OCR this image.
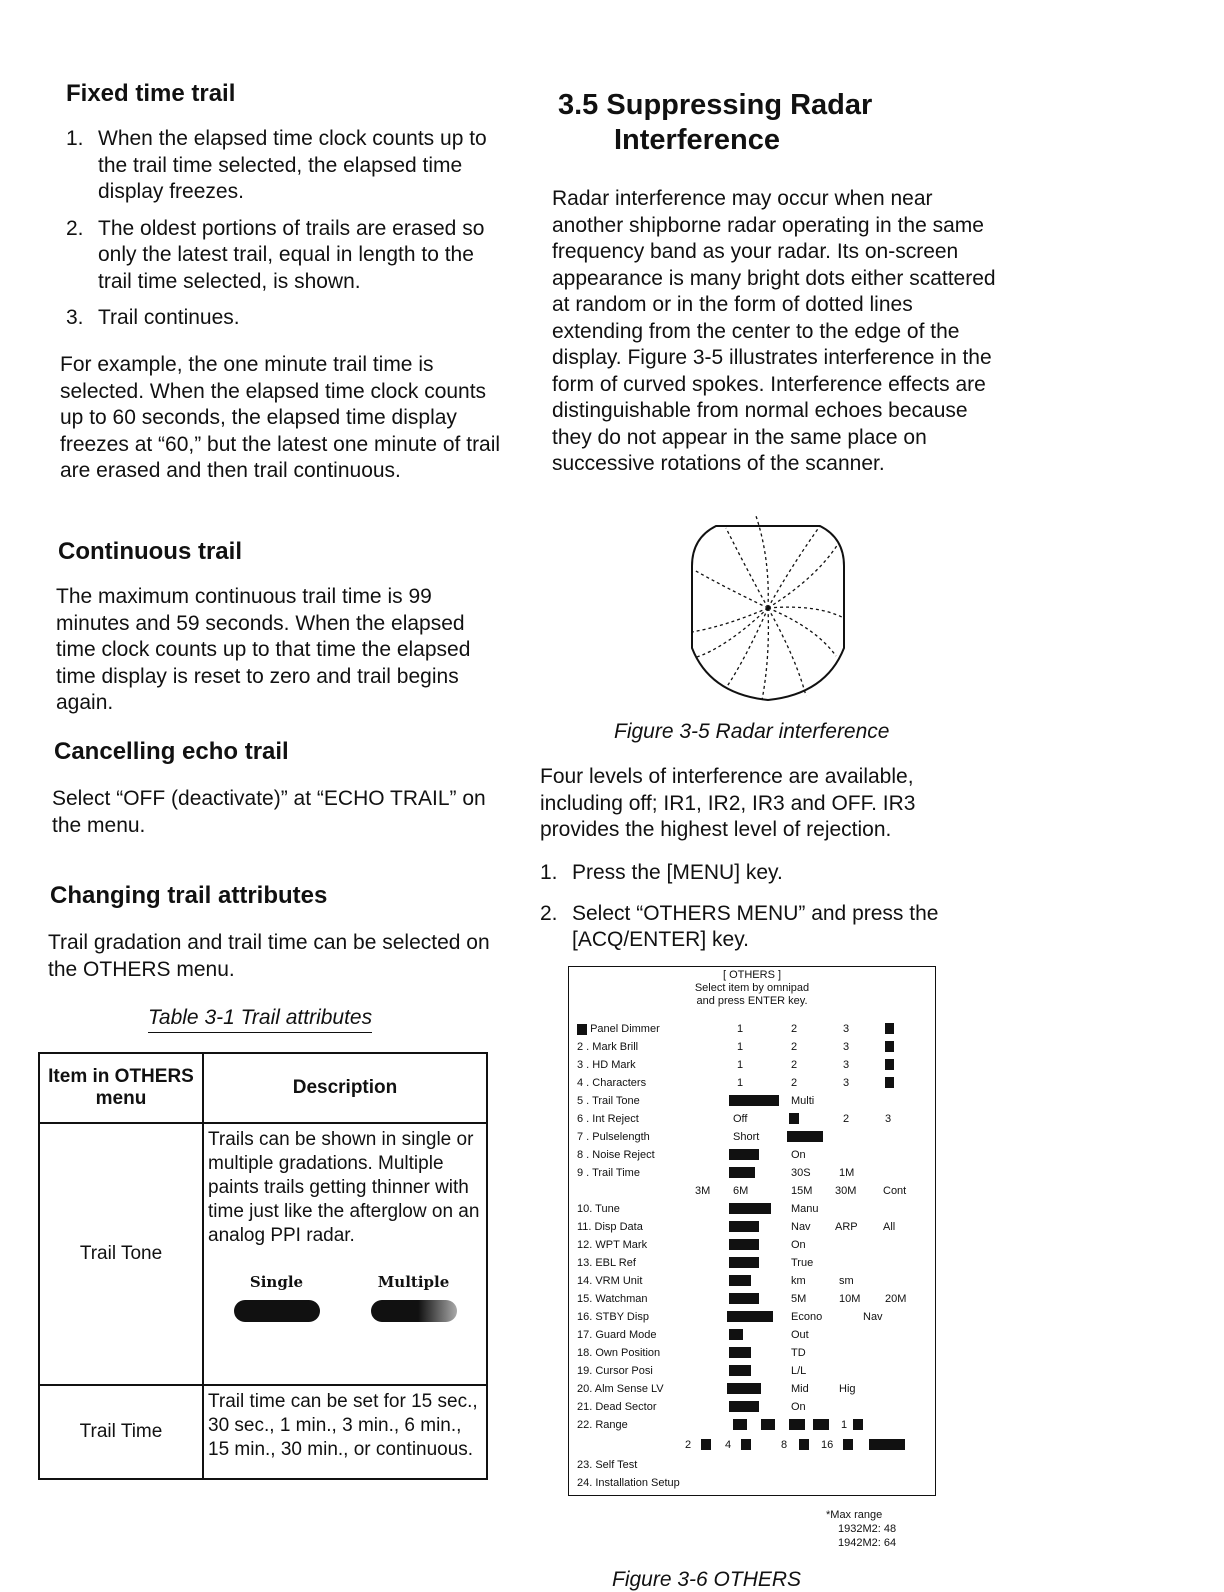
Fixed time trail
1. When the elapsed time clock counts up to the trail time selected, the elapsed time display freezes.
2. The oldest portions of trails are erased so only the latest trail, equal in length to the trail time selected, is shown.
3. Trail continues.

For example, the one minute trail time is selected. When the elapsed time clock counts up to 60 seconds, the elapsed time display freezes at “60,” but the latest one minute of trail are erased and then trail continuous.

Continuous trail

The maximum continuous trail time is 99 minutes and 59 seconds. When the elapsed time clock counts up to that time the elapsed time display is reset to zero and trail begins again.

Cancelling echo trail

Select “OFF (deactivate)” at “ECHO TRAIL” on the menu.

Changing trail attributes

Trail gradation and trail time can be selected on the OTHERS menu.

Table 3-1 Trail attributes
Item in OTHERS menu	Description
Trail Tone	Trails can be shown in single or multiple gradations. Multiple paints trails getting thinner with time just like the afterglow on an analog PPI radar.
Single Multiple

Trail Time	Trail time can be set for 15 sec., 30 sec., 1 min., 3 min., 6 min., 15 min., 30 min., or continuous.
3.5 Suppressing Radar
Interference

Radar interference may occur when near another shipborne radar operating in the same frequency band as your radar. Its on-screen appearance is many bright dots either scattered at random or in the form of dotted lines extending from the center to the edge of the display. Figure 3-5 illustrates interference in the form of curved spokes. Interference effects are distinguishable from normal echoes because they do not appear in the same place on successive rotations of the scanner.

Figure 3-5 Radar interference

Four levels of interference are available, including off; IR1, IR2, IR3 and OFF. IR3 provides the highest level of rejection.

1. Press the [MENU] key.
2. Select “OTHERS MENU” and press the [ACQ/ENTER] key.
[ OTHERS ]
Select item by omnipad
and press ENTER key.
Panel Dimmer	1	2	3
2 . Mark Brill	1	2	3
3 . HD Mark	1	2	3
4 . Characters	1	2	3
5 . Trail Tone	Multi
6 . Int Reject	Off	2	3
7 . Pulselength	Short
8 . Noise Reject	On
9 . Trail Time	30S	1M
3M 6M	15M 30M Cont
10. Tune	Manu
11. Disp Data	Nav ARP All
12. WPT Mark	On
13. EBL Ref	True
14. VRM Unit	km	sm
15. Watchman	5M	10M 20M
16. STBY Disp	Econo	Nav
17. Guard Mode	Out
18. Own Position	TD
19. Cursor Posi	L/L
20. Alm Sense LV	Mid	Hig
21. Dead Sector	On
22. Range	1
2	4	8	16
23. Self Test
24. Installation Setup
*Max range
1932M2: 48
1942M2: 64
Figure 3-6 OTHERS
